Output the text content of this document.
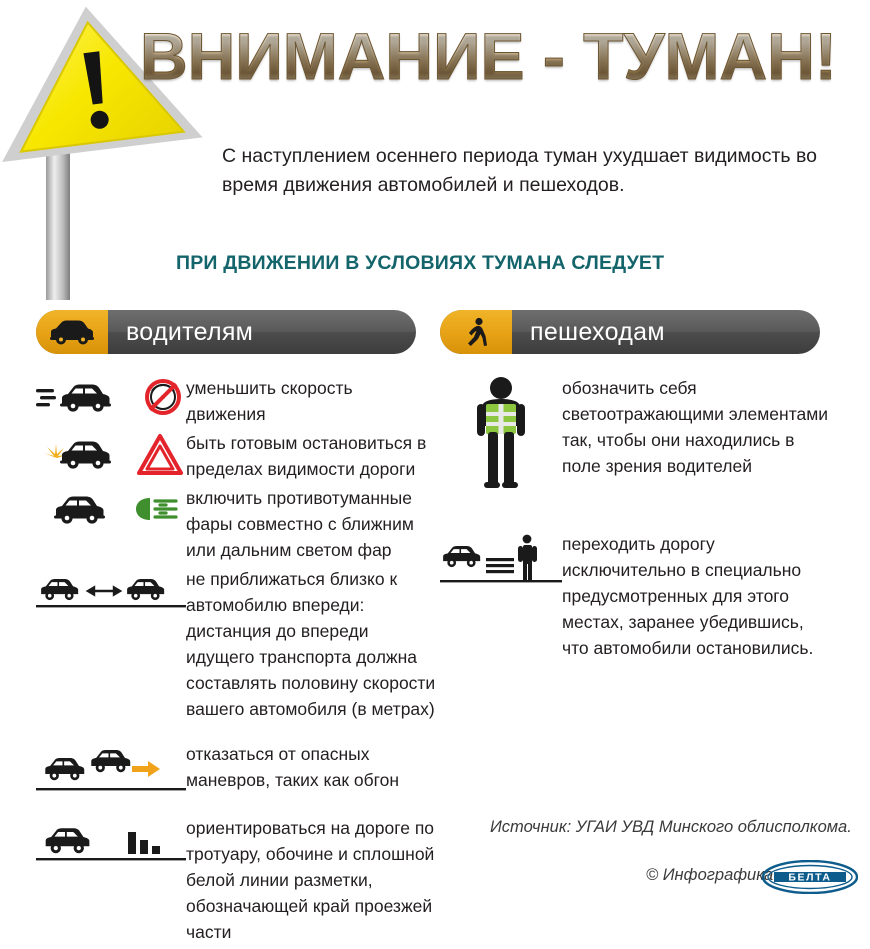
ВНИМАНИЕ - ТУМАН!
С наступлением осеннего периода туман ухудшает видимость во время движения автомобилей и пешеходов.
ПРИ ДВИЖЕНИИ В УСЛОВИЯХ ТУМАНА СЛЕДУЕТ
водителям	пешеходам
уменьшить скорость движения
быть готовым остановиться в пределах видимости дороги
включить противотуманные фары совместно с ближним или дальним светом фар
не приближаться близко к автомобилю впереди: дистанция до впереди идущего транспорта должна составлять половину скорости вашего автомобиля (в метрах)
отказаться от опасных маневров, таких как обгон
ориентироваться на дороге по тротуару, обочине и сплошной белой линии разметки, обозначающей край проезжей части
обозначить себя светоотражающими элементами так, чтобы они находились в поле зрения водителей
переходить дорогу исключительно в специально предусмотренных для этого местах, заранее убедившись, что автомобили остановились.
Источник: УГАИ УВД Минского облисполкома.
© Инфографика БЕЛТА
